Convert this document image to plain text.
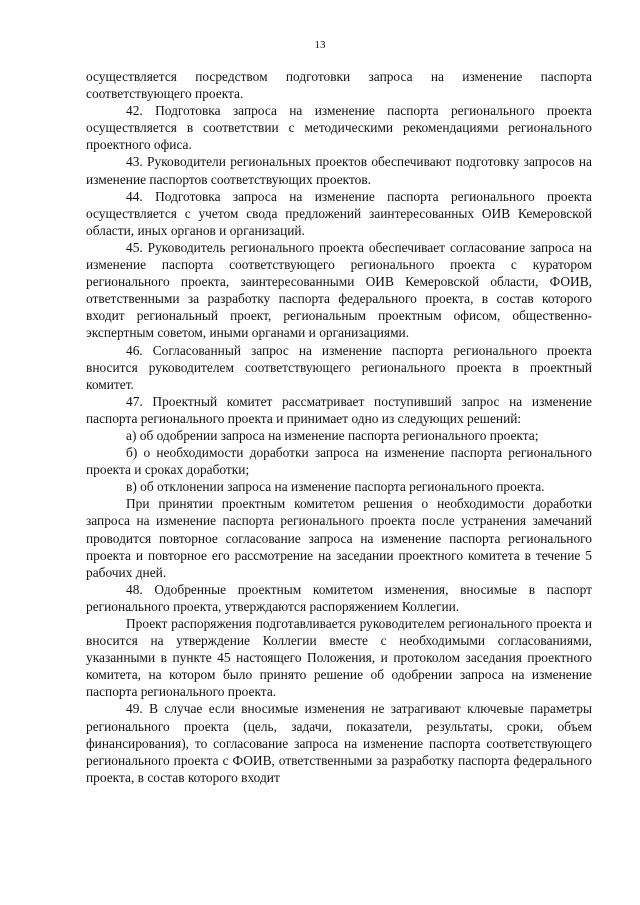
13

осуществляется посредством подготовки запроса на изменение паспорта соответствующего проекта.

42. Подготовка запроса на изменение паспорта регионального проекта осуществляется в соответствии с методическими рекомендациями регионального проектного офиса.

43. Руководители региональных проектов обеспечивают подготовку запросов на изменение паспортов соответствующих проектов.

44. Подготовка запроса на изменение паспорта регионального проекта осуществляется с учетом свода предложений заинтересованных ОИВ Кемеровской области, иных органов и организаций.

45. Руководитель регионального проекта обеспечивает согласование запроса на изменение паспорта соответствующего регионального проекта с куратором регионального проекта, заинтересованными ОИВ Кемеровской области, ФОИВ, ответственными за разработку паспорта федерального проекта, в состав которого входит региональный проект, региональным проектным офисом, общественно-экспертным советом, иными органами и организациями.

46. Согласованный запрос на изменение паспорта регионального проекта вносится руководителем соответствующего регионального проекта в проектный комитет.

47. Проектный комитет рассматривает поступивший запрос на изменение паспорта регионального проекта и принимает одно из следующих решений:

а) об одобрении запроса на изменение паспорта регионального проекта;

б) о необходимости доработки запроса на изменение паспорта регионального проекта и сроках доработки;

в) об отклонении запроса на изменение паспорта регионального проекта.

При принятии проектным комитетом решения о необходимости доработки запроса на изменение паспорта регионального проекта после устранения замечаний проводится повторное согласование запроса на изменение паспорта регионального проекта и повторное его рассмотрение на заседании проектного комитета в течение 5 рабочих дней.

48. Одобренные проектным комитетом изменения, вносимые в паспорт регионального проекта, утверждаются распоряжением Коллегии.

Проект распоряжения подготавливается руководителем регионального проекта и вносится на утверждение Коллегии вместе с необходимыми согласованиями, указанными в пункте 45 настоящего Положения, и протоколом заседания проектного комитета, на котором было принято решение об одобрении запроса на изменение паспорта регионального проекта.

49. В случае если вносимые изменения не затрагивают ключевые параметры регионального проекта (цель, задачи, показатели, результаты, сроки, объем финансирования), то согласование запроса на изменение паспорта соответствующего регионального проекта с ФОИВ, ответственными за разработку паспорта федерального проекта, в состав которого входит
